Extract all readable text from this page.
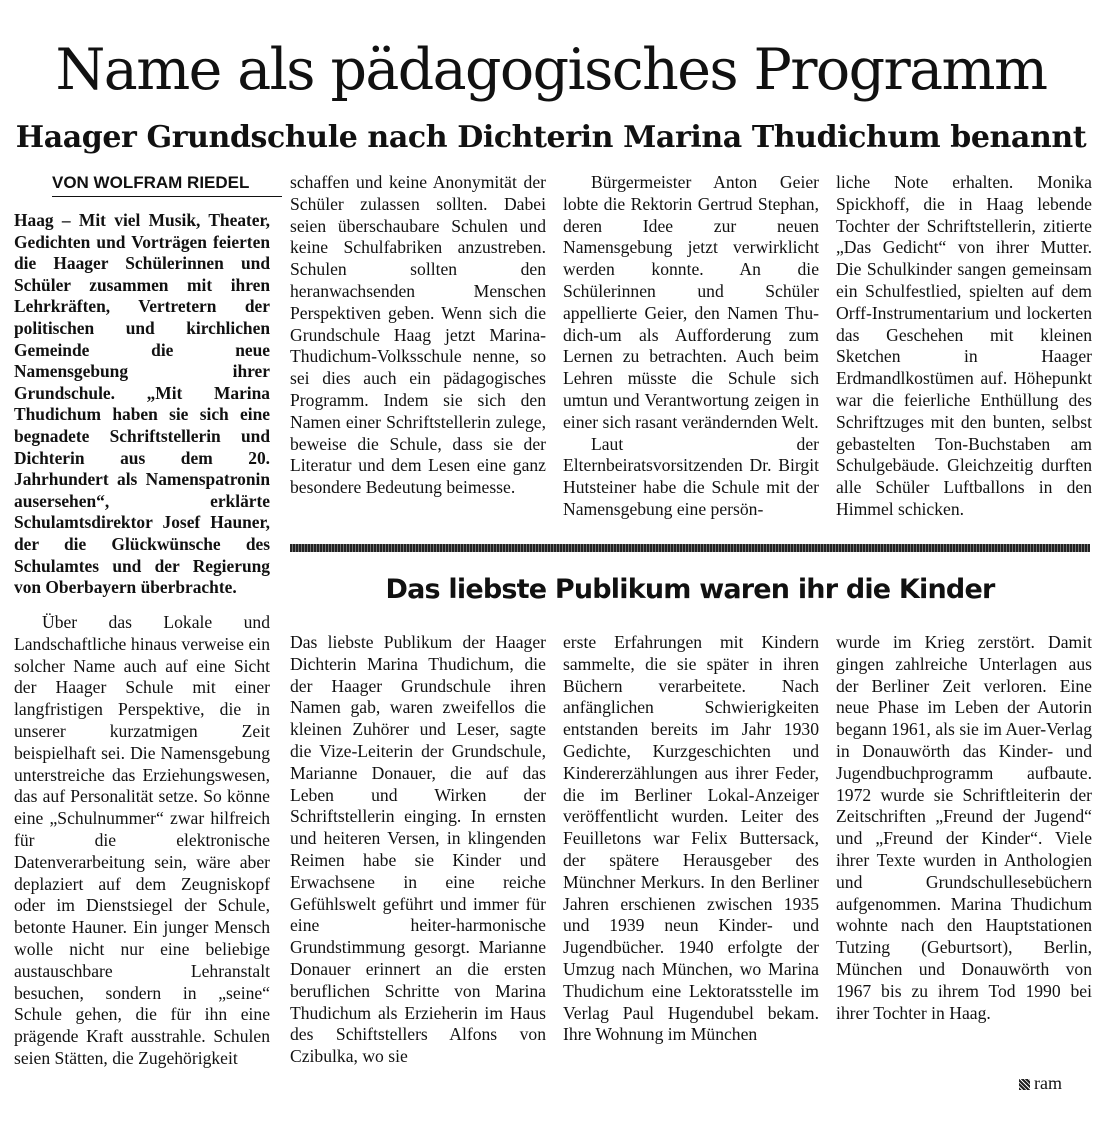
Name als pädagogisches Programm
Haager Grundschule nach Dichterin Marina Thudichum benannt
VON WOLFRAM RIEDEL

Haag – Mit viel Musik, Theater, Gedichten und Vorträgen feierten die Haager Schülerinnen und Schüler zusammen mit ihren Lehrkräften, Vertretern der politischen und kirchlichen Gemeinde die neue Namensgebung ihrer Grundschule. „Mit Marina Thudichum haben sie sich eine begnadete Schriftstellerin und Dichterin aus dem 20. Jahrhundert als Namenspatronin ausersehen“, erklärte Schulamtsdirektor Josef Hauner, der die Glückwünsche des Schulamtes und der Regierung von Oberbayern überbrachte.

Über das Lokale und Landschaftliche hinaus verweise ein solcher Name auch auf eine Sicht der Haager Schule mit einer langfristigen Perspektive, die in unserer kurzatmigen Zeit beispielhaft sei. Die Namensgebung unterstreiche das Erziehungswesen, das auf Personalität setze. So könne eine „Schulnummer“ zwar hilfreich für die elektronische Datenverarbeitung sein, wäre aber deplaziert auf dem Zeugniskopf oder im Dienstsiegel der Schule, betonte Hauner. Ein junger Mensch wolle nicht nur eine beliebige austauschbare Lehranstalt besuchen, sondern in „seine“ Schule gehen, die für ihn eine prägende Kraft ausstrahle. Schulen seien Stätten, die Zugehörigkeit

schaffen und keine Anonymität der Schüler zulassen sollten. Dabei seien überschaubare Schulen und keine Schulfabriken anzustreben. Schulen sollten den heranwachsenden Menschen Perspektiven geben. Wenn sich die Grundschule Haag jetzt Marina-Thudichum-Volksschule nenne, so sei dies auch ein pädagogisches Programm. Indem sie sich den Namen einer Schriftstellerin zulege, beweise die Schule, dass sie der Literatur und dem Lesen eine ganz besondere Bedeutung beimesse.

Bürgermeister Anton Geier lobte die Rektorin Gertrud Stephan, deren Idee zur neuen Namensgebung jetzt verwirklicht werden konnte. An die Schülerinnen und Schüler appellierte Geier, den Namen Thu-dich-um als Aufforderung zum Lernen zu betrachten. Auch beim Lehren müsste die Schule sich umtun und Verantwortung zeigen in einer sich rasant verändernden Welt.

Laut der Elternbeiratsvorsitzenden Dr. Birgit Hutsteiner habe die Schule mit der Namensgebung eine persön-

liche Note erhalten. Monika Spickhoff, die in Haag lebende Tochter der Schriftstellerin, zitierte „Das Gedicht“ von ihrer Mutter. Die Schulkinder sangen gemeinsam ein Schulfestlied, spielten auf dem Orff-Instrumentarium und lockerten das Geschehen mit kleinen Sketchen in Haager Erdmandlkostümen auf. Höhepunkt war die feierliche Enthüllung des Schriftzuges mit den bunten, selbst gebastelten Ton-Buchstaben am Schulgebäude. Gleichzeitig durften alle Schüler Luftballons in den Himmel schicken.

Das liebste Publikum waren ihr die Kinder

Das liebste Publikum der Haager Dichterin Marina Thudichum, die der Haager Grundschule ihren Namen gab, waren zweifellos die kleinen Zuhörer und Leser, sagte die Vize-Leiterin der Grundschule, Marianne Donauer, die auf das Leben und Wirken der Schriftstellerin einging. In ernsten und heiteren Versen, in klingenden Reimen habe sie Kinder und Erwachsene in eine reiche Gefühlswelt geführt und immer für eine heiter-harmonische Grundstimmung gesorgt. Marianne Donauer erinnert an die ersten beruflichen Schritte von Marina Thudichum als Erzieherin im Haus des Schiftstellers Alfons von Czibulka, wo sie

erste Erfahrungen mit Kindern sammelte, die sie später in ihren Büchern verarbeitete. Nach anfänglichen Schwierigkeiten entstanden bereits im Jahr 1930 Gedichte, Kurzgeschichten und Kindererzählungen aus ihrer Feder, die im Berliner Lokal-Anzeiger veröffentlicht wurden. Leiter des Feuilletons war Felix Buttersack, der spätere Herausgeber des Münchner Merkurs. In den Berliner Jahren erschienen zwischen 1935 und 1939 neun Kinder- und Jugendbücher. 1940 erfolgte der Umzug nach München, wo Marina Thudichum eine Lektoratsstelle im Verlag Paul Hugendubel bekam. Ihre Wohnung im München

wurde im Krieg zerstört. Damit gingen zahlreiche Unterlagen aus der Berliner Zeit verloren. Eine neue Phase im Leben der Autorin begann 1961, als sie im Auer-Verlag in Donauwörth das Kinder- und Jugendbuchprogramm aufbaute. 1972 wurde sie Schriftleiterin der Zeitschriften „Freund der Jugend“ und „Freund der Kinder“. Viele ihrer Texte wurden in Anthologien und Grundschullesebüchern aufgenommen. Marina Thudichum wohnte nach den Hauptstationen Tutzing (Geburtsort), Berlin, München und Donauwörth von 1967 bis zu ihrem Tod 1990 bei ihrer Tochter in Haag.

ram
